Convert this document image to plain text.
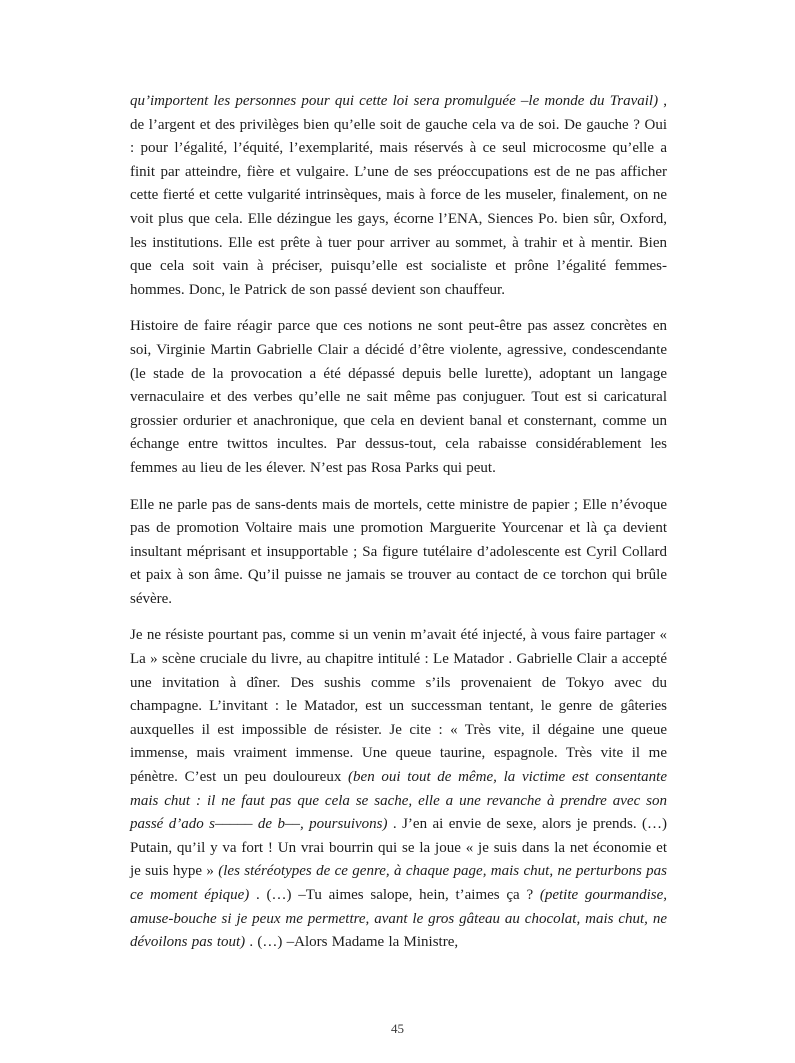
qu’importent les personnes pour qui cette loi sera promulguée –le monde du Travail) , de l’argent et des privilèges bien qu’elle soit de gauche cela va de soi. De gauche ? Oui : pour l’égalité, l’équité, l’exemplarité, mais réservés à ce seul microcosme qu’elle a finit par atteindre, fière et vulgaire. L’une de ses préoccupations est de ne pas afficher cette fierté et cette vulgarité intrinsèques, mais à force de les museler, finalement, on ne voit plus que cela. Elle dézingue les gays, écorne l’ENA, Siences Po. bien sûr, Oxford, les institutions. Elle est prête à tuer pour arriver au sommet, à trahir et à mentir. Bien que cela soit vain à préciser, puisqu’elle est socialiste et prône l’égalité femmes-hommes. Donc, le Patrick de son passé devient son chauffeur.

Histoire de faire réagir parce que ces notions ne sont peut-être pas assez concrètes en soi, Virginie Martin Gabrielle Clair a décidé d’être violente, agressive, condescendante (le stade de la provocation a été dépassé depuis belle lurette), adoptant un langage vernaculaire et des verbes qu’elle ne sait même pas conjuguer. Tout est si caricatural grossier ordurier et anachronique, que cela en devient banal et consternant, comme un échange entre twittos incultes. Par dessus-tout, cela rabaisse considérablement les femmes au lieu de les élever. N’est pas Rosa Parks qui peut.

Elle ne parle pas de sans-dents mais de mortels, cette ministre de papier ; Elle n’évoque pas de promotion Voltaire mais une promotion Marguerite Yourcenar et là ça devient insultant méprisant et insupportable ; Sa figure tutélaire d’adolescente est Cyril Collard et paix à son âme. Qu’il puisse ne jamais se trouver au contact de ce torchon qui brûle sévère.

Je ne résiste pourtant pas, comme si un venin m’avait été injecté, à vous faire partager « La » scène cruciale du livre, au chapitre intitulé : Le Matador . Gabrielle Clair a accepté une invitation à dîner. Des sushis comme s’ils provenaient de Tokyo avec du champagne. L’invitant : le Matador, est un successman tentant, le genre de gâteries auxquelles il est impossible de résister. Je cite : « Très vite, il dégaine une queue immense, mais vraiment immense. Une queue taurine, espagnole. Très vite il me pénètre. C’est un peu douloureux (ben oui tout de même, la victime est consentante mais chut : il ne faut pas que cela se sache, elle a une revanche à prendre avec son passé d’ado s––––– de b––, poursuivons) . J’en ai envie de sexe, alors je prends. (…) Putain, qu’il y va fort ! Un vrai bourrin qui se la joue « je suis dans la net économie et je suis hype » (les stéréotypes de ce genre, à chaque page, mais chut, ne perturbons pas ce moment épique) . (…) –Tu aimes salope, hein, t’aimes ça ? (petite gourmandise, amuse-bouche si je peux me permettre, avant le gros gâteau au chocolat, mais chut, ne dévoilons pas tout) . (…) –Alors Madame la Ministre,

45
